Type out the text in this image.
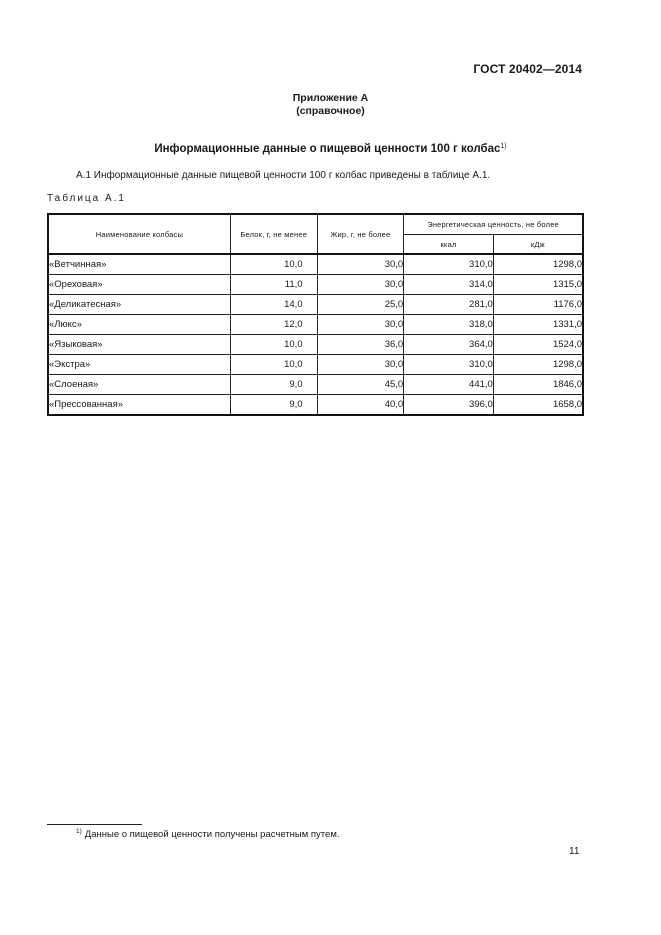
ГОСТ 20402—2014
Приложение А
(справочное)
Информационные данные о пищевой ценности 100 г колбас$^{1)}$
А.1 Информационные данные пищевой ценности 100 г колбас приведены в таблице А.1.
Таблица А.1
Наименование колбасы	Белок, г, не менее	Жир, г, не более	Энергетическая ценность, не более	
			ккал	кДж
«Ветчинная»	10,0	30,0	310,0	1298,0
«Ореховая»	11,0	30,0	314,0	1315,0
«Деликатесная»	14,0	25,0	281,0	1176,0
«Люкс»	12,0	30,0	318,0	1331,0
«Языковая»	10,0	36,0	364,0	1524,0
«Экстра»	10,0	30,0	310,0	1298,0
«Слоеная»	9,0	45,0	441,0	1846,0
«Прессованная»	9,0	40,0	396,0	1658,0
$^{1)}$ Данные о пищевой ценности получены расчетным путем.
11
